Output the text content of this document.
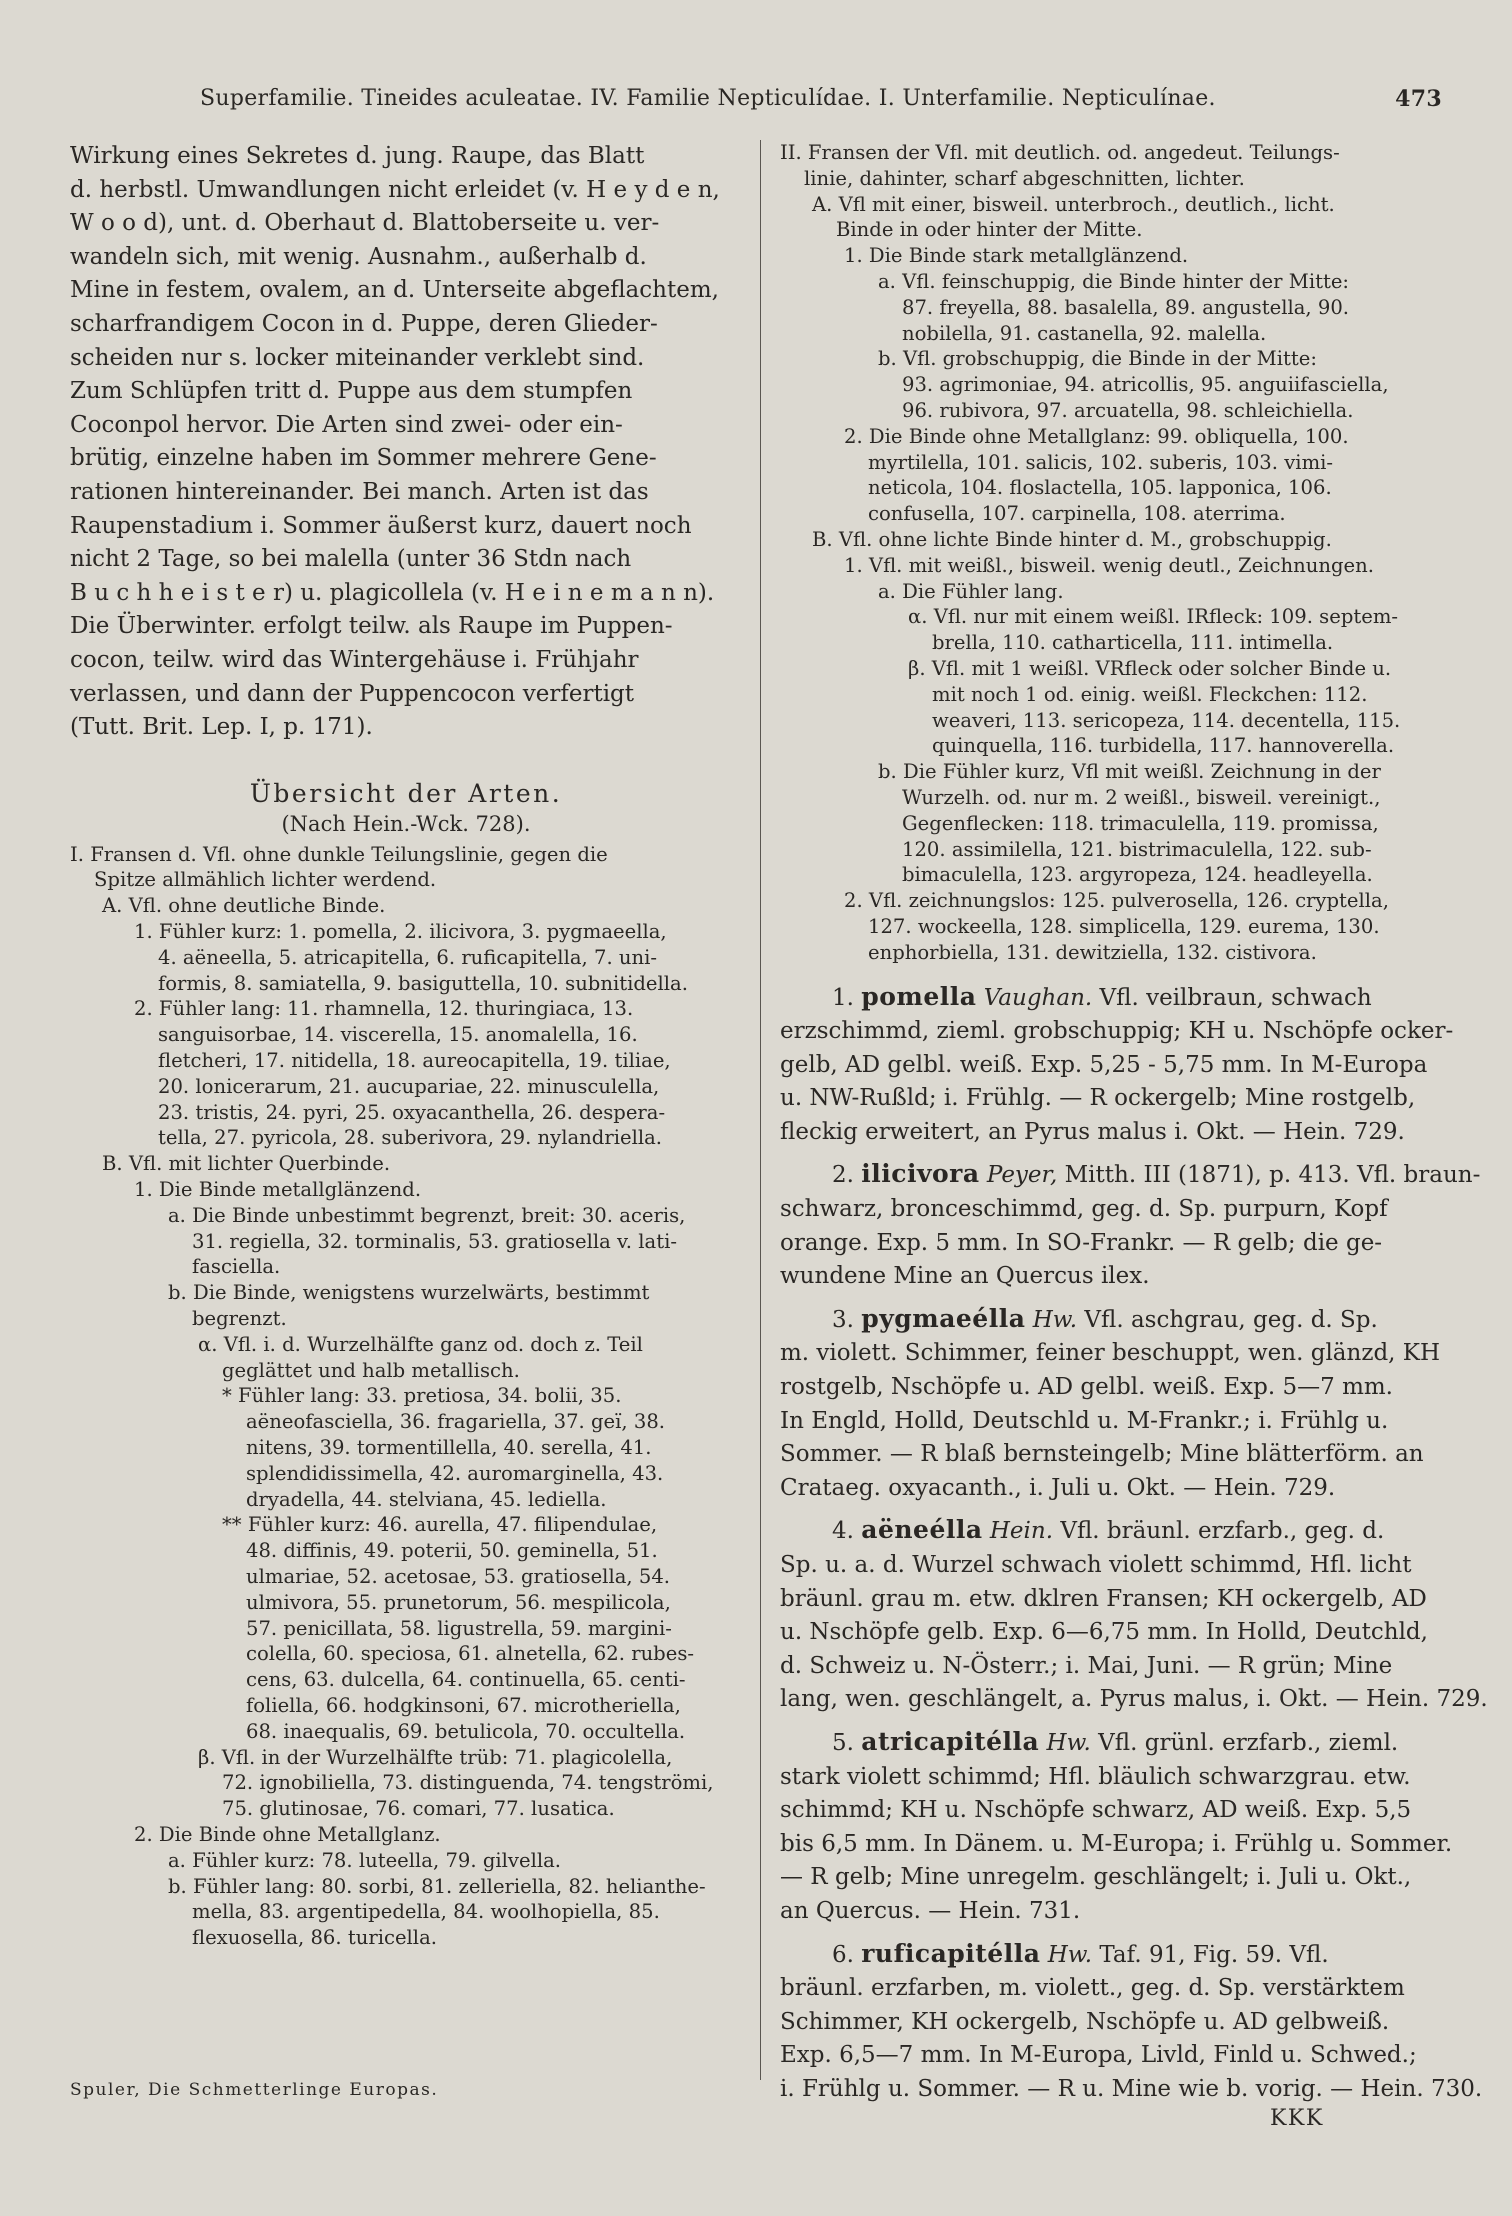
Superfamilie. Tineides aculeatae. IV. Familie Nepticulídae. I. Unterfamilie. Nepticulínae.	473
Wirkung eines Sekretes d. jung. Raupe, das Blatt
d. herbstl. Umwandlungen nicht erleidet (v. H e y d e n,
W o o d), unt. d. Oberhaut d. Blattoberseite u. ver-
wandeln sich, mit wenig. Ausnahm., außerhalb d.
Mine in festem, ovalem, an d. Unterseite abgeflachtem,
scharfrandigem Cocon in d. Puppe, deren Glieder-
scheiden nur s. locker miteinander verklebt sind.
Zum Schlüpfen tritt d. Puppe aus dem stumpfen
Coconpol hervor. Die Arten sind zwei- oder ein-
brütig, einzelne haben im Sommer mehrere Gene-
rationen hintereinander. Bei manch. Arten ist das
Raupenstadium i. Sommer äußerst kurz, dauert noch
nicht 2 Tage, so bei malella (unter 36 Stdn nach
B u c h h e i s t e r) u. plagicollela (v. H e i n e m a n n).
Die Überwinter. erfolgt teilw. als Raupe im Puppen-
cocon, teilw. wird das Wintergehäuse i. Frühjahr
verlassen, und dann der Puppencocon verfertigt
(Tutt. Brit. Lep. I, p. 171).

Übersicht der Arten.

(Nach Hein.-Wck. 728).

I. Fransen d. Vfl. ohne dunkle Teilungslinie, gegen die
Spitze allmählich lichter werdend.
A. Vfl. ohne deutliche Binde.
1. Fühler kurz: 1. pomella, 2. ilicivora, 3. pygmaeella,
4. aëneella, 5. atricapitella, 6. ruficapitella, 7. uni-
formis, 8. samiatella, 9. basiguttella, 10. subnitidella.
2. Fühler lang: 11. rhamnella, 12. thuringiaca, 13.
sanguisorbae, 14. viscerella, 15. anomalella, 16.
fletcheri, 17. nitidella, 18. aureocapitella, 19. tiliae,
20. lonicerarum, 21. aucupariae, 22. minusculella,
23. tristis, 24. pyri, 25. oxyacanthella, 26. despera-
tella, 27. pyricola, 28. suberivora, 29. nylandriella.
B. Vfl. mit lichter Querbinde.
1. Die Binde metallglänzend.
a. Die Binde unbestimmt begrenzt, breit: 30. aceris,
31. regiella, 32. torminalis, 53. gratiosella v. lati-
fasciella.
b. Die Binde, wenigstens wurzelwärts, bestimmt
begrenzt.
α. Vfl. i. d. Wurzelhälfte ganz od. doch z. Teil
geglättet und halb metallisch.
* Fühler lang: 33. pretiosa, 34. bolii, 35.
aëneofasciella, 36. fragariella, 37. geï, 38.
nitens, 39. tormentillella, 40. serella, 41.
splendidissimella, 42. auromarginella, 43.
dryadella, 44. stelviana, 45. lediella.
** Fühler kurz: 46. aurella, 47. filipendulae,
48. diffinis, 49. poterii, 50. geminella, 51.
ulmariae, 52. acetosae, 53. gratiosella, 54.
ulmivora, 55. prunetorum, 56. mespilicola,
57. penicillata, 58. ligustrella, 59. margini-
colella, 60. speciosa, 61. alnetella, 62. rubes-
cens, 63. dulcella, 64. continuella, 65. centi-
foliella, 66. hodgkinsoni, 67. microtheriella,
68. inaequalis, 69. betulicola, 70. occultella.
β. Vfl. in der Wurzelhälfte trüb: 71. plagicolella,
72. ignobiliella, 73. distinguenda, 74. tengströmi,
75. glutinosae, 76. comari, 77. lusatica.
2. Die Binde ohne Metallglanz.
a. Fühler kurz: 78. luteella, 79. gilvella.
b. Fühler lang: 80. sorbi, 81. zelleriella, 82. helianthe-
mella, 83. argentipedella, 84. woolhopiella, 85.
flexuosella, 86. turicella.
II. Fransen der Vfl. mit deutlich. od. angedeut. Teilungs-
linie, dahinter, scharf abgeschnitten, lichter.
A. Vfl mit einer, bisweil. unterbroch., deutlich., licht.
Binde in oder hinter der Mitte.
1. Die Binde stark metallglänzend.
a. Vfl. feinschuppig, die Binde hinter der Mitte:
87. freyella, 88. basalella, 89. angustella, 90.
nobilella, 91. castanella, 92. malella.
b. Vfl. grobschuppig, die Binde in der Mitte:
93. agrimoniae, 94. atricollis, 95. anguiifasciella,
96. rubivora, 97. arcuatella, 98. schleichiella.
2. Die Binde ohne Metallglanz: 99. obliquella, 100.
myrtilella, 101. salicis, 102. suberis, 103. vimi-
neticola, 104. floslactella, 105. lapponica, 106.
confusella, 107. carpinella, 108. aterrima.
B. Vfl. ohne lichte Binde hinter d. M., grobschuppig.
1. Vfl. mit weißl., bisweil. wenig deutl., Zeichnungen.
a. Die Fühler lang.
α. Vfl. nur mit einem weißl. IRfleck: 109. septem-
brella, 110. catharticella, 111. intimella.
β. Vfl. mit 1 weißl. VRfleck oder solcher Binde u.
mit noch 1 od. einig. weißl. Fleckchen: 112.
weaveri, 113. sericopeza, 114. decentella, 115.
quinquella, 116. turbidella, 117. hannoverella.
b. Die Fühler kurz, Vfl mit weißl. Zeichnung in der
Wurzelh. od. nur m. 2 weißl., bisweil. vereinigt.,
Gegenflecken: 118. trimaculella, 119. promissa,
120. assimilella, 121. bistrimaculella, 122. sub-
bimaculella, 123. argyropeza, 124. headleyella.
2. Vfl. zeichnungslos: 125. pulverosella, 126. cryptella,
127. wockeella, 128. simplicella, 129. eurema, 130.
enphorbiella, 131. dewitziella, 132. cistivora.
1. pomella Vaughan. Vfl. veilbraun, schwach
erzschimmd, zieml. grobschuppig; KH u. Nschöpfe ocker-
gelb, AD gelbl. weiß. Exp. 5,25 - 5,75 mm. In M-Europa
u. NW-Rußld; i. Frühlg. — R ockergelb; Mine rostgelb,
fleckig erweitert, an Pyrus malus i. Okt. — Hein. 729.
2. ilicivora Peyer, Mitth. III (1871), p. 413. Vfl. braun-
schwarz, bronceschimmd, geg. d. Sp. purpurn, Kopf
orange. Exp. 5 mm. In SO-Frankr. — R gelb; die ge-
wundene Mine an Quercus ilex.
3. pygmaeélla Hw. Vfl. aschgrau, geg. d. Sp.
m. violett. Schimmer, feiner beschuppt, wen. glänzd, KH
rostgelb, Nschöpfe u. AD gelbl. weiß. Exp. 5—7 mm.
In Engld, Holld, Deutschld u. M-Frankr.; i. Frühlg u.
Sommer. — R blaß bernsteingelb; Mine blätterförm. an
Crataeg. oxyacanth., i. Juli u. Okt. — Hein. 729.
4. aëneélla Hein. Vfl. bräunl. erzfarb., geg. d.
Sp. u. a. d. Wurzel schwach violett schimmd, Hfl. licht
bräunl. grau m. etw. dklren Fransen; KH ockergelb, AD
u. Nschöpfe gelb. Exp. 6—6,75 mm. In Holld, Deutchld,
d. Schweiz u. N-Österr.; i. Mai, Juni. — R grün; Mine
lang, wen. geschlängelt, a. Pyrus malus, i. Okt. — Hein. 729.
5. atricapitélla Hw. Vfl. grünl. erzfarb., zieml.
stark violett schimmd; Hfl. bläulich schwarzgrau. etw.
schimmd; KH u. Nschöpfe schwarz, AD weiß. Exp. 5,5
bis 6,5 mm. In Dänem. u. M-Europa; i. Frühlg u. Sommer.
— R gelb; Mine unregelm. geschlängelt; i. Juli u. Okt.,
an Quercus. — Hein. 731.
6. ruficapitélla Hw. Taf. 91, Fig. 59. Vfl.
bräunl. erzfarben, m. violett., geg. d. Sp. verstärktem
Schimmer, KH ockergelb, Nschöpfe u. AD gelbweiß.
Exp. 6,5—7 mm. In M-Europa, Livld, Finld u. Schwed.;
i. Frühlg u. Sommer. — R u. Mine wie b. vorig. — Hein. 730.
Spuler, Die Schmetterlinge Europas.
KKK
